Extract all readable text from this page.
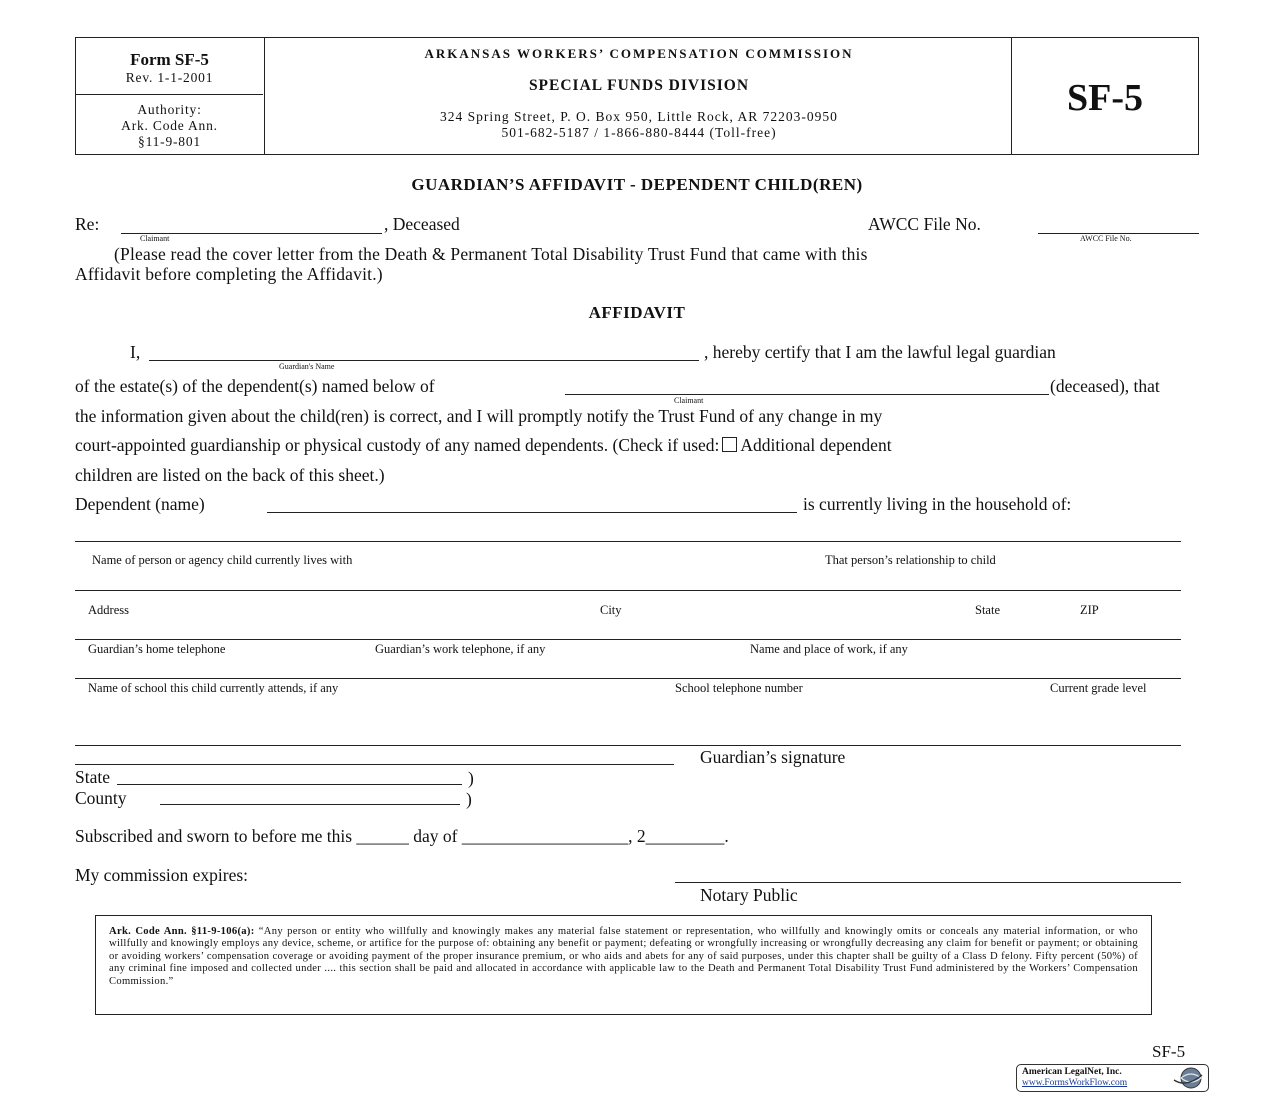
Form SF-5
Rev. 1-1-2001
Authority:
Ark. Code Ann.
§11-9-801
ARKANSAS WORKERS’ COMPENSATION COMMISSION
SPECIAL FUNDS DIVISION
324 Spring Street, P. O. Box 950, Little Rock, AR 72203-0950
501-682-5187 / 1-866-880-8444 (Toll-free)
SF-5
GUARDIAN’S AFFIDAVIT - DEPENDENT CHILD(REN)
Re:
Claimant
, Deceased	AWCC File No.
AWCC File No.
(Please read the cover letter from the Death & Permanent Total Disability Trust Fund that came with this
Affidavit before completing the Affidavit.)
AFFIDAVIT
I,
Guardian's Name
, hereby certify that I am the lawful legal guardian
of the estate(s) of the dependent(s) named below of
Claimant
(deceased), that
the information given about the child(ren) is correct, and I will promptly notify the Trust Fund of any change in my
court-appointed guardianship or physical custody of any named dependents. (Check if used: Additional dependent
children are listed on the back of this sheet.)
Dependent (name)	is currently living in the household of:
Name of person or agency child currently lives with	That person’s relationship to child
Address	City	State	ZIP
Guardian’s home telephone	Guardian’s work telephone, if any	Name and place of work, if any
Name of school this child currently attends, if any	School telephone number	Current grade level
Guardian’s signature
State	)
County	)
Subscribed and sworn to before me this ______ day of ___________________, 2_________.
My commission expires:
Notary Public
Ark. Code Ann. §11-9-106(a): “Any person or entity who willfully and knowingly makes any material false statement or representation, who willfully and knowingly omits or conceals any material information, or who willfully and knowingly employs any device, scheme, or artifice for the purpose of: obtaining any benefit or payment; defeating or wrongfully increasing or wrongfully decreasing any claim for benefit or payment; or obtaining or avoiding workers’ compensation coverage or avoiding payment of the proper insurance premium, or who aids and abets for any of said purposes, under this chapter shall be guilty of a Class D felony. Fifty percent (50%) of any criminal fine imposed and collected under .... this section shall be paid and allocated in accordance with applicable law to the Death and Permanent Total Disability Trust Fund administered by the Workers’ Compensation Commission.”
SF-5
American LegalNet, Inc.
www.FormsWorkFlow.com
